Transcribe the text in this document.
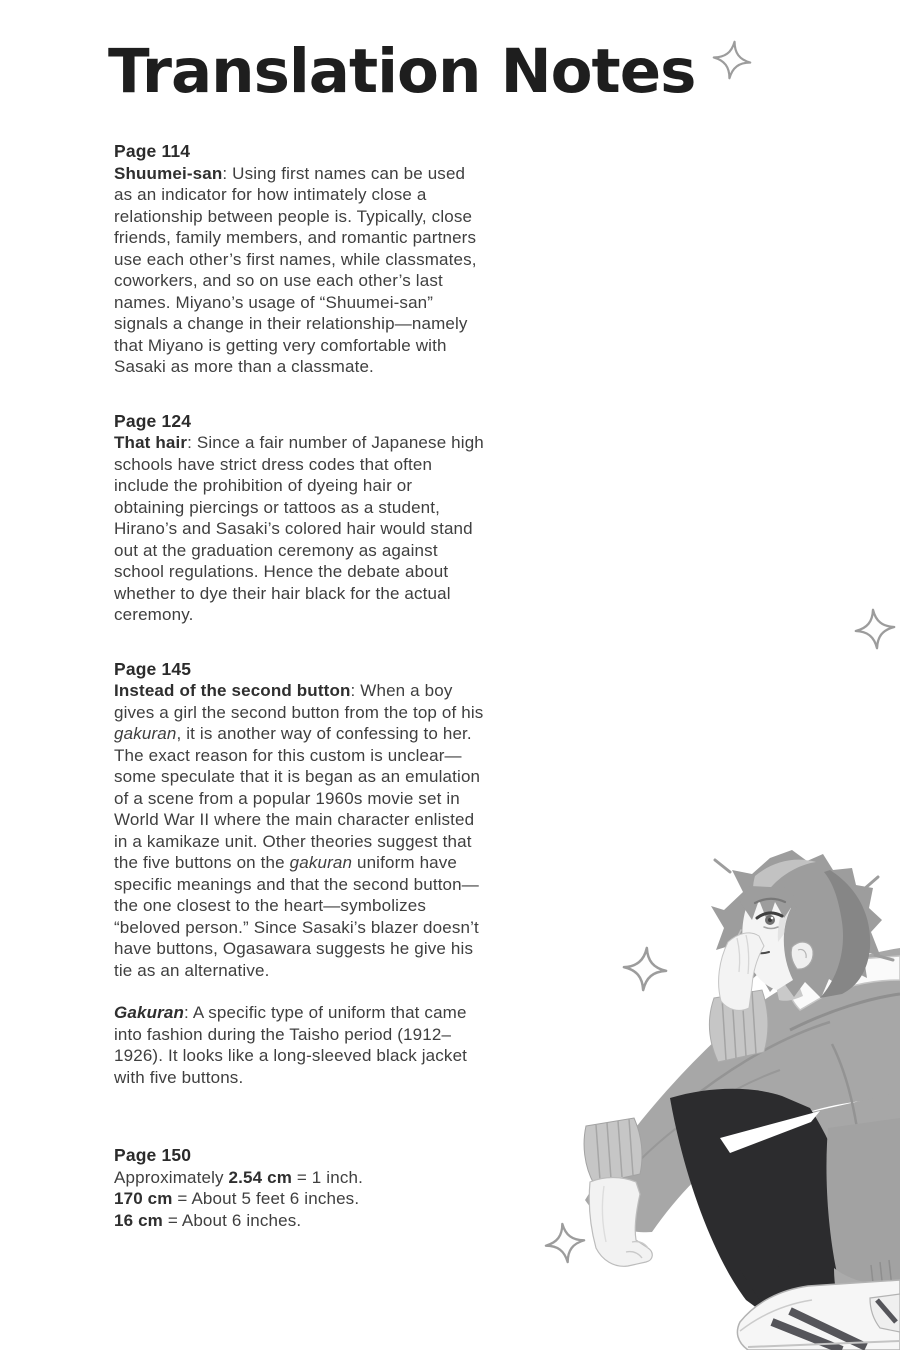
Translation Notes
Page 114

Shuumei-san: Using first names can be used as an indicator for how intimately close a relationship between people is. Typically, close friends, family members, and romantic partners use each other’s first names, while classmates, coworkers, and so on use each other’s last names. Miyano’s usage of “Shuumei-san” signals a change in their relationship—namely that Miyano is getting very comfortable with Sasaki as more than a classmate.

Page 124

That hair: Since a fair number of Japanese high schools have strict dress codes that often include the prohibition of dyeing hair or obtaining piercings or tattoos as a student, Hirano’s and Sasaki’s colored hair would stand out at the graduation ceremony as against school regulations. Hence the debate about whether to dye their hair black for the actual ceremony.

Page 145

Instead of the second button: When a boy gives a girl the second button from the top of his gakuran, it is another way of confessing to her. The exact reason for this custom is unclear—some speculate that it is began as an emulation of a scene from a popular 1960s movie set in World War II where the main character enlisted in a kamikaze unit. Other theories suggest that the five buttons on the gakuran uniform have specific meanings and that the second button—the one closest to the heart—symbolizes “beloved person.” Since Sasaki’s blazer doesn’t have buttons, Ogasawara suggests he give his tie as an alternative.

Gakuran: A specific type of uniform that came into fashion during the Taisho period (1912–1926). It looks like a long-sleeved black jacket with five buttons.

Page 150

Approximately 2.54 cm = 1 inch.

170 cm = About 5 feet 6 inches.

16 cm = About 6 inches.
